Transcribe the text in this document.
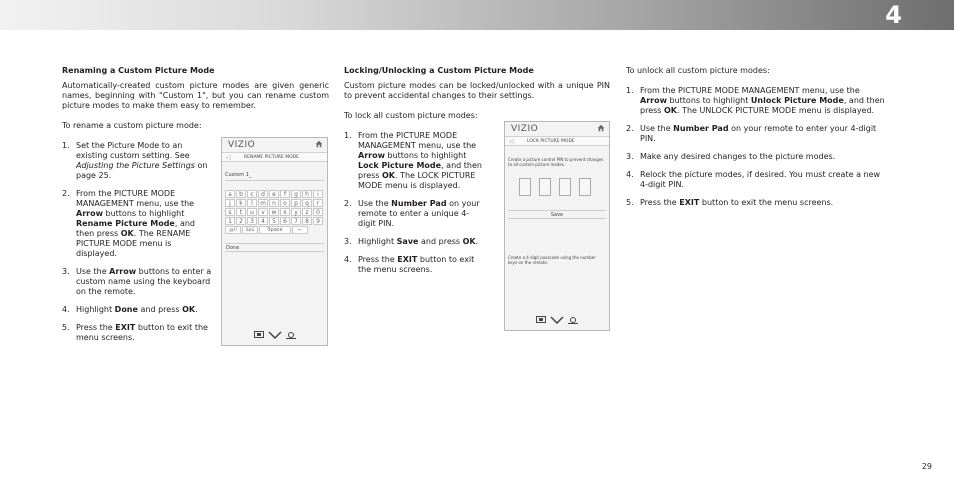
4
Renaming a Custom Picture Mode
Automatically-created custom picture modes are given generic names, beginning with "Custom 1", but you can rename custom picture modes to make them easy to remember.
To rename a custom picture mode:
1. Set the Picture Mode to an existing custom setting. See Adjusting the Picture Settings on page 25.
2. From the PICTURE MODE MANAGEMENT menu, use the Arrow buttons to highlight Rename Picture Mode, and then press OK. The RENAME PICTURE MODE menu is displayed.
3. Use the Arrow buttons to enter a custom name using the keyboard on the remote.
4. Highlight Done and press OK.
5. Press the EXIT button to exit the menu screens.
VIZIO
◁	RENAME PICTURE MODE
Custom 1_
a	b	c	d	e	f	g	h	i
j	k	l	m	n	o	p	q	r
s	t	u	v	w	x	y	z	0
1	2	3	4	5	6	7	8	9
@!/	äöü	Space	←
Done
Locking/Unlocking a Custom Picture Mode
Custom picture modes can be locked/unlocked with a unique PIN to prevent accidental changes to their settings.
To lock all custom picture modes:
1. From the PICTURE MODE MANAGEMENT menu, use the Arrow buttons to highlight Lock Picture Mode, and then press OK. The LOCK PICTURE MODE menu is displayed.
2. Use the Number Pad on your remote to enter a unique 4-digit PIN.
3. Highlight Save and press OK.
4. Press the EXIT button to exit the menu screens.
VIZIO
◁	LOCK PICTURE MODE
Create a picture control PIN to prevent changes to all custom picture modes.
Save
Create a 4 digit passcode using the number keys on the remote.
To unlock all custom picture modes:
1. From the PICTURE MODE MANAGEMENT menu, use the Arrow buttons to highlight Unlock Picture Mode, and then press OK. The UNLOCK PICTURE MODE menu is displayed.
2. Use the Number Pad on your remote to enter your 4-digit PIN.
3. Make any desired changes to the picture modes.
4. Relock the picture modes, if desired. You must create a new 4-digit PIN.
5. Press the EXIT button to exit the menu screens.
29
